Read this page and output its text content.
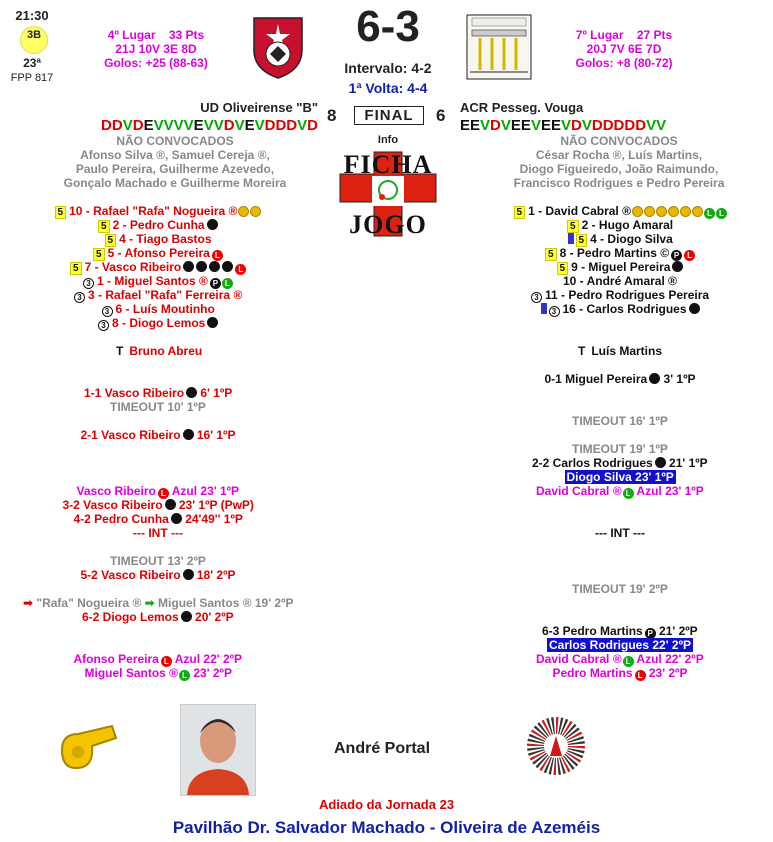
21:30
3B
23ª
FPP 817
4º Lugar 33 Pts
21J 10V 3E 8D
Golos: +25 (88-63)
6-3
Intervalo: 4-2
1ª Volta: 4-4
7º Lugar 27 Pts
20J 7V 6E 7D
Golos: +8 (80-72)
UD Oliveirense "B" 8	FINAL	6 ACR Pesseg. Vouga
DDVDEVVVVEVVDVEVDDDVD	EEVDVEEVEEVDVDDDDDVV
NÃO CONVOCADOS
Afonso Silva ®, Samuel Cereja ®,
Paulo Pereira, Guilherme Azevedo,
Gonçalo Machado e Guilherme Moreira
NÃO CONVOCADOS
César Rocha ®, Luís Martins,
Diogo Figueiredo, João Raimundo,
Francisco Rodrigues e Pedro Pereira
Info
FICHA
JOGO
5 10 - Rafael "Rafa" Nogueira ®
5 2 - Pedro Cunha
5 4 - Tiago Bastos
5 5 - Afonso Pereira L
5 7 - Vasco Ribeiro	L
3 1 - Miguel Santos ® P L
3 3 - Rafael "Rafa" Ferreira ®
3 6 - Luís Moutinho
3 8 - Diogo Lemos
5 1 - David Cabral ®	L L
5 2 - Hugo Amaral
5 4 - Diogo Silva
5 8 - Pedro Martins © P L
5 9 - Miguel Pereira
10 - André Amaral ®
3 11 - Pedro Rodrigues Pereira
3 16 - Carlos Rodrigues
T Bruno Abreu	T Luís Martins
1-1 Vasco Ribeiro 6' 1ºP
TIMEOUT 10' 1ºP
2-1 Vasco Ribeiro 16' 1ºP
Vasco Ribeiro L Azul 23' 1ºP
3-2 Vasco Ribeiro 23' 1ºP (PwP)
4-2 Pedro Cunha 24'49'' 1ºP
--- INT ---
TIMEOUT 13' 2ºP
5-2 Vasco Ribeiro 18' 2ºP
➡ "Rafa" Nogueira ® ➡ Miguel Santos ® 19' 2ºP
6-2 Diogo Lemos 20' 2ºP
Afonso Pereira L Azul 22' 2ºP
Miguel Santos ® L 23' 2ºP
0-1 Miguel Pereira 3' 1ºP
TIMEOUT 16' 1ºP
TIMEOUT 19' 1ºP
2-2 Carlos Rodrigues 21' 1ºP
Diogo Silva 23' 1ºP
David Cabral ® L Azul 23' 1ºP
--- INT ---
TIMEOUT 19' 2ºP
6-3 Pedro Martins P 21' 2ºP
Carlos Rodrigues 22' 2ºP
David Cabral ® L Azul 22' 2ºP
Pedro Martins L 23' 2ºP
André Portal
Adiado da Jornada 23
Pavilhão Dr. Salvador Machado - Oliveira de Azeméis
